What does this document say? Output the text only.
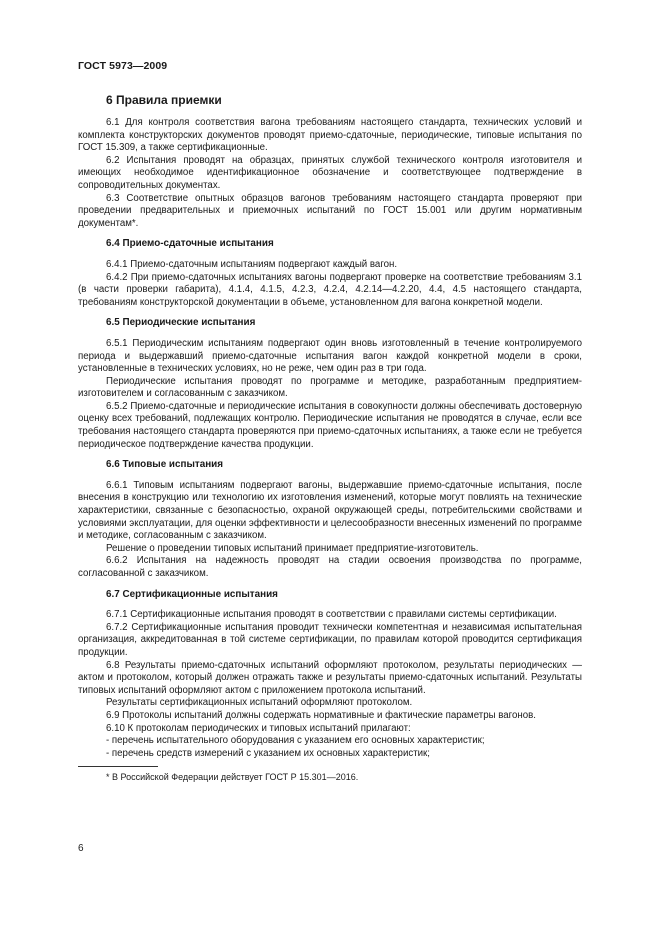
ГОСТ 5973—2009
6 Правила приемки

6.1 Для контроля соответствия вагона требованиям настоящего стандарта, технических условий и комплекта конструкторских документов проводят приемо-сдаточные, периодические, типовые испытания по ГОСТ 15.309, а также сертификационные.

6.2 Испытания проводят на образцах, принятых службой технического контроля изготовителя и имеющих необходимое идентификационное обозначение и соответствующее подтверждение в сопроводительных документах.

6.3 Соответствие опытных образцов вагонов требованиям настоящего стандарта проверяют при проведении предварительных и приемочных испытаний по ГОСТ 15.001 или другим нормативным документам*.

6.4 Приемо-сдаточные испытания

6.4.1 Приемо-сдаточным испытаниям подвергают каждый вагон.

6.4.2 При приемо-сдаточных испытаниях вагоны подвергают проверке на соответствие требованиям 3.1 (в части проверки габарита), 4.1.4, 4.1.5, 4.2.3, 4.2.4, 4.2.14—4.2.20, 4.4, 4.5 настоящего стандарта, требованиям конструкторской документации в объеме, установленном для вагона конкретной модели.

6.5 Периодические испытания

6.5.1 Периодическим испытаниям подвергают один вновь изготовленный в течение контролируемого периода и выдержавший приемо-сдаточные испытания вагон каждой конкретной модели в сроки, установленные в технических условиях, но не реже, чем один раз в три года.

Периодические испытания проводят по программе и методике, разработанным предприятием-изготовителем и согласованным с заказчиком.

6.5.2 Приемо-сдаточные и периодические испытания в совокупности должны обеспечивать достоверную оценку всех требований, подлежащих контролю. Периодические испытания не проводятся в случае, если все требования настоящего стандарта проверяются при приемо-сдаточных испытаниях, а также если не требуется периодическое подтверждение качества продукции.

6.6 Типовые испытания

6.6.1 Типовым испытаниям подвергают вагоны, выдержавшие приемо-сдаточные испытания, после внесения в конструкцию или технологию их изготовления изменений, которые могут повлиять на технические характеристики, связанные с безопасностью, охраной окружающей среды, потребительскими свойствами и условиями эксплуатации, для оценки эффективности и целесообразности внесенных изменений по программе и методике, согласованным с заказчиком.

Решение о проведении типовых испытаний принимает предприятие-изготовитель.

6.6.2 Испытания на надежность проводят на стадии освоения производства по программе, согласованной с заказчиком.

6.7 Сертификационные испытания

6.7.1 Сертификационные испытания проводят в соответствии с правилами системы сертификации.

6.7.2 Сертификационные испытания проводит технически компетентная и независимая испытательная организация, аккредитованная в той системе сертификации, по правилам которой проводится сертификация продукции.

6.8 Результаты приемо-сдаточных испытаний оформляют протоколом, результаты периодических — актом и протоколом, который должен отражать также и результаты приемо-сдаточных испытаний. Результаты типовых испытаний оформляют актом с приложением протокола испытаний.

Результаты сертификационных испытаний оформляют протоколом.

6.9 Протоколы испытаний должны содержать нормативные и фактические параметры вагонов.

6.10 К протоколам периодических и типовых испытаний прилагают:

- перечень испытательного оборудования с указанием его основных характеристик;

- перечень средств измерений с указанием их основных характеристик;

* В Российской Федерации действует ГОСТ Р 15.301—2016.

6
